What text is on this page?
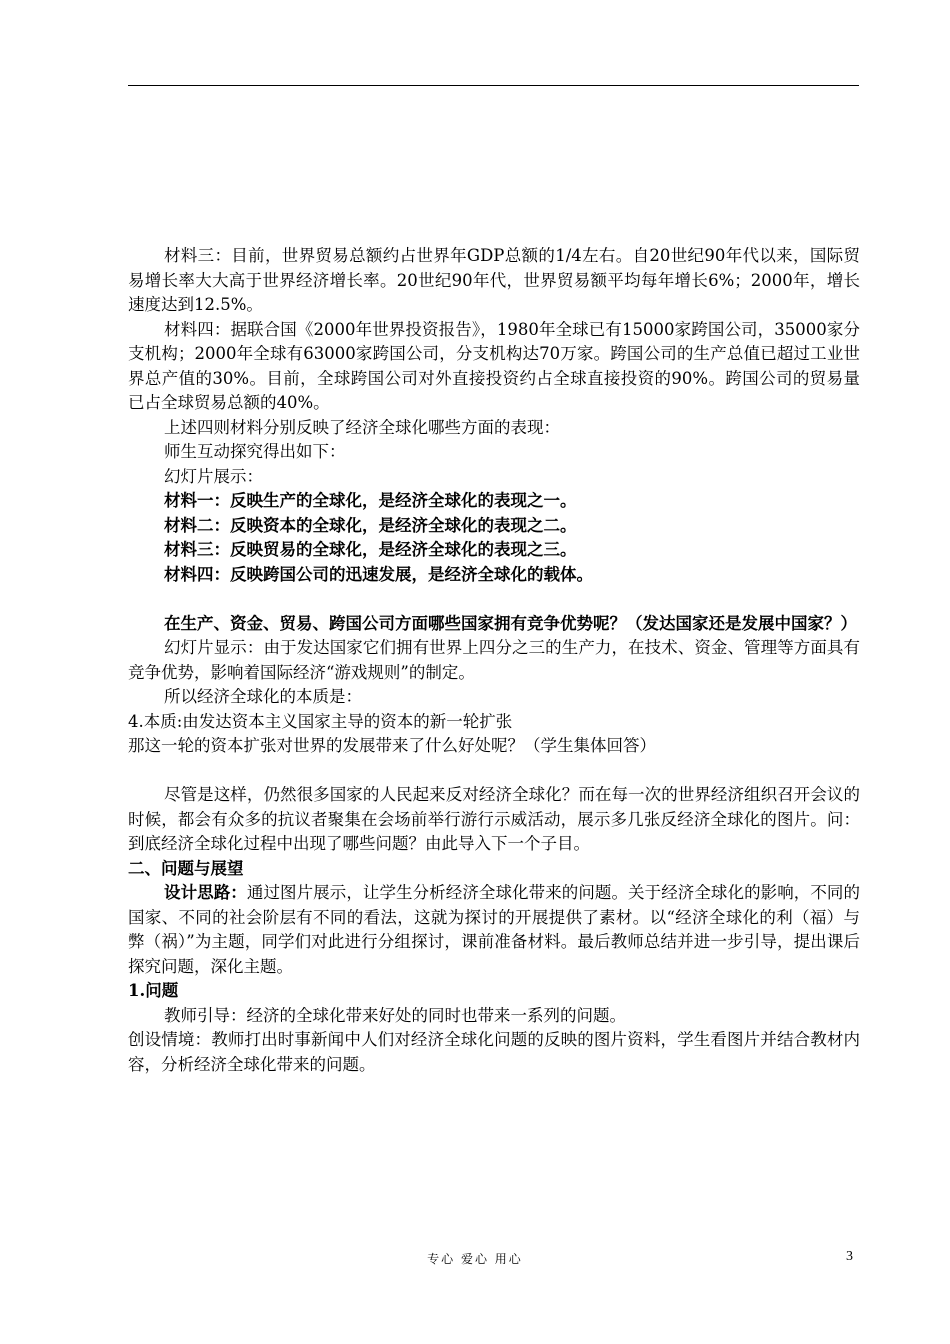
材料三：目前，世界贸易总额约占世界年GDP总额的1/4左右。自20世纪90年代以来，国际贸易增长率大大高于世界经济增长率。20世纪90年代，世界贸易额平均每年增长6%；2000年，增长速度达到12.5%。

材料四：据联合国《2000年世界投资报告》，1980年全球已有15000家跨国公司，35000家分支机构；2000年全球有63000家跨国公司，分支机构达70万家。跨国公司的生产总值已超过工业世界总产值的30%。目前，全球跨国公司对外直接投资约占全球直接投资的90%。跨国公司的贸易量已占全球贸易总额的40%。

上述四则材料分别反映了经济全球化哪些方面的表现：

师生互动探究得出如下：

幻灯片展示：

材料一：反映生产的全球化，是经济全球化的表现之一。

材料二：反映资本的全球化，是经济全球化的表现之二。

材料三：反映贸易的全球化，是经济全球化的表现之三。

材料四：反映跨国公司的迅速发展，是经济全球化的载体。

在生产、资金、贸易、跨国公司方面哪些国家拥有竞争优势呢？（发达国家还是发展中国家？）

幻灯片显示：由于发达国家它们拥有世界上四分之三的生产力，在技术、资金、管理等方面具有竞争优势，影响着国际经济“游戏规则”的制定。

所以经济全球化的本质是：

4.本质:由发达资本主义国家主导的资本的新一轮扩张

那这一轮的资本扩张对世界的发展带来了什么好处呢？（学生集体回答）

尽管是这样，仍然很多国家的人民起来反对经济全球化？而在每一次的世界经济组织召开会议的时候，都会有众多的抗议者聚集在会场前举行游行示威活动，展示多几张反经济全球化的图片。问：到底经济全球化过程中出现了哪些问题？由此导入下一个子目。

二、问题与展望

设计思路：通过图片展示，让学生分析经济全球化带来的问题。关于经济全球化的影响，不同的国家、不同的社会阶层有不同的看法，这就为探讨的开展提供了素材。以“经济全球化的利（福）与弊（祸）”为主题，同学们对此进行分组探讨，课前准备材料。最后教师总结并进一步引导，提出课后探究问题，深化主题。

1.问题

教师引导：经济的全球化带来好处的同时也带来一系列的问题。

创设情境：教师打出时事新闻中人们对经济全球化问题的反映的图片资料，学生看图片并结合教材内容，分析经济全球化带来的问题。

专心 爱心 用心	3
